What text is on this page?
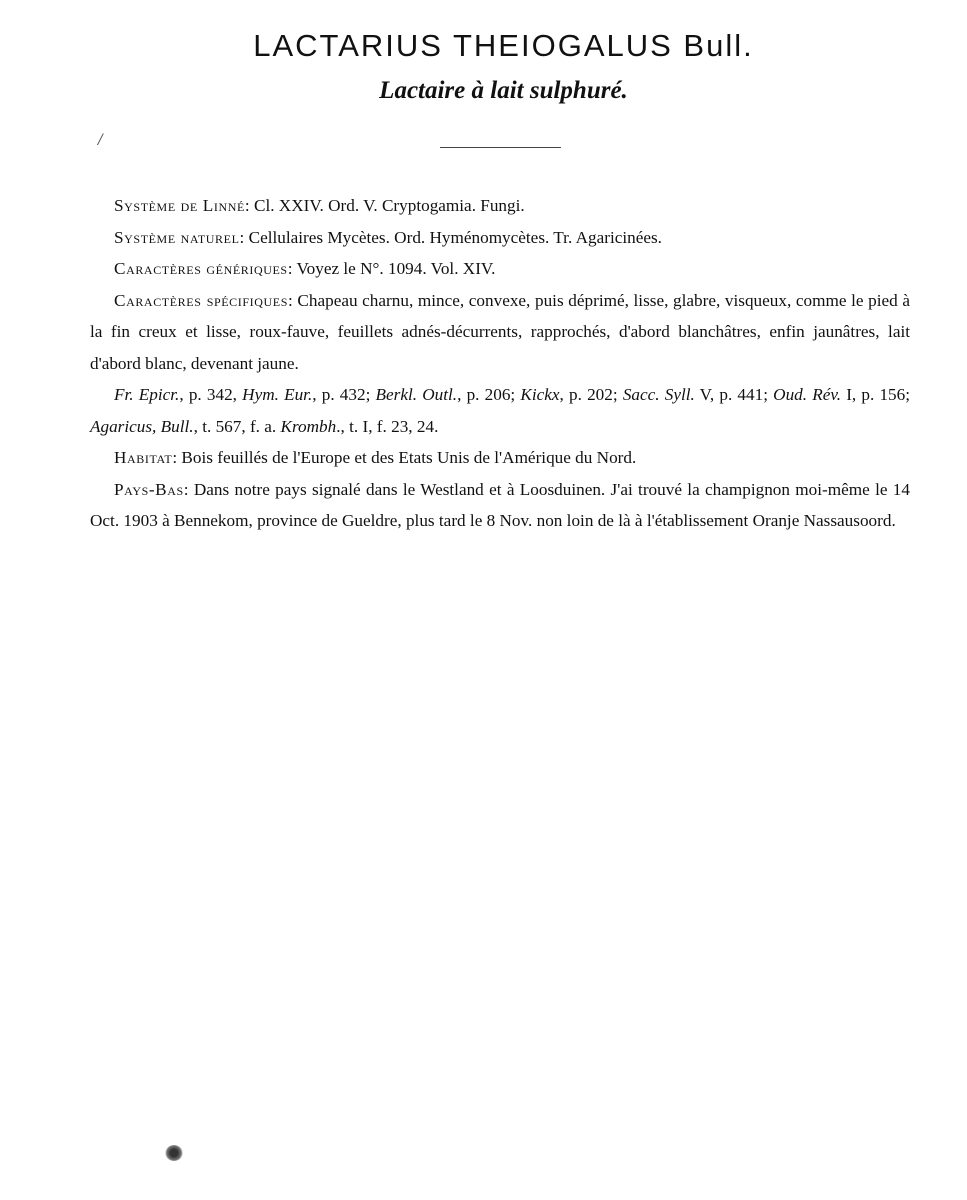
LACTARIUS THEIOGALUS Bull.
Lactaire à lait sulphuré.
/

Système de Linné: Cl. XXIV. Ord. V. Cryptogamia. Fungi.

Système naturel: Cellulaires Mycètes. Ord. Hyménomycètes. Tr. Agaricinées.

Caractères génériques: Voyez le N°. 1094. Vol. XIV.

Caractères spécifiques: Chapeau charnu, mince, convexe, puis déprimé, lisse, glabre, visqueux, comme le pied à la fin creux et lisse, roux-fauve, feuillets adnés-décurrents, rapprochés, d'abord blanchâtres, enfin jaunâtres, lait d'abord blanc, devenant jaune.

Fr. Epicr., p. 342, Hym. Eur., p. 432; Berkl. Outl., p. 206; Kickx, p. 202; Sacc. Syll. V, p. 441; Oud. Rév. I, p. 156; Agaricus, Bull., t. 567, f. a. Krombh., t. I, f. 23, 24.

Habitat: Bois feuillés de l'Europe et des Etats Unis de l'Amérique du Nord.

Pays-Bas: Dans notre pays signalé dans le Westland et à Loosduinen. J'ai trouvé la champignon moi-même le 14 Oct. 1903 à Bennekom, province de Gueldre, plus tard le 8 Nov. non loin de là à l'établissement Oranje Nassausoord.
